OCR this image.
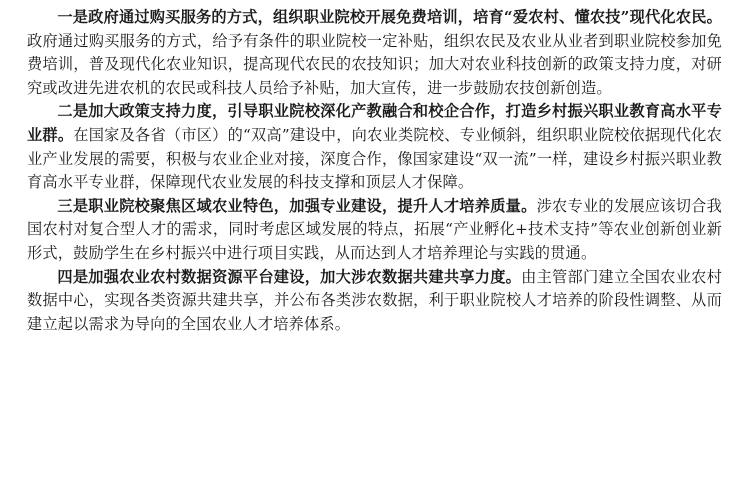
一是政府通过购买服务的方式，组织职业院校开展免费培训，培育“爱农村、懂农技”现代化农民。政府通过购买服务的方式，给予有条件的职业院校一定补贴，组织农民及农业从业者到职业院校参加免费培训，普及现代化农业知识，提高现代农民的农技知识；加大对农业科技创新的政策支持力度，对研究或改进先进农机的农民或科技人员给予补贴，加大宣传，进一步鼓励农技创新创造。

二是加大政策支持力度，引导职业院校深化产教融合和校企合作，打造乡村振兴职业教育高水平专业群。在国家及各省（市区）的“双高”建设中，向农业类院校、专业倾斜，组织职业院校依据现代化农业产业发展的需要，积极与农业企业对接，深度合作，像国家建设“双一流”一样，建设乡村振兴职业教育高水平专业群，保障现代农业发展的科技支撑和顶层人才保障。

三是职业院校聚焦区域农业特色，加强专业建设，提升人才培养质量。涉农专业的发展应该切合我国农村对复合型人才的需求，同时考虑区域发展的特点，拓展“产业孵化+技术支持”等农业创新创业新形式，鼓励学生在乡村振兴中进行项目实践，从而达到人才培养理论与实践的贯通。

四是加强农业农村数据资源平台建设，加大涉农数据共建共享力度。由主管部门建立全国农业农村数据中心，实现各类资源共建共享，并公布各类涉农数据，利于职业院校人才培养的阶段性调整、从而建立起以需求为导向的全国农业人才培养体系。
